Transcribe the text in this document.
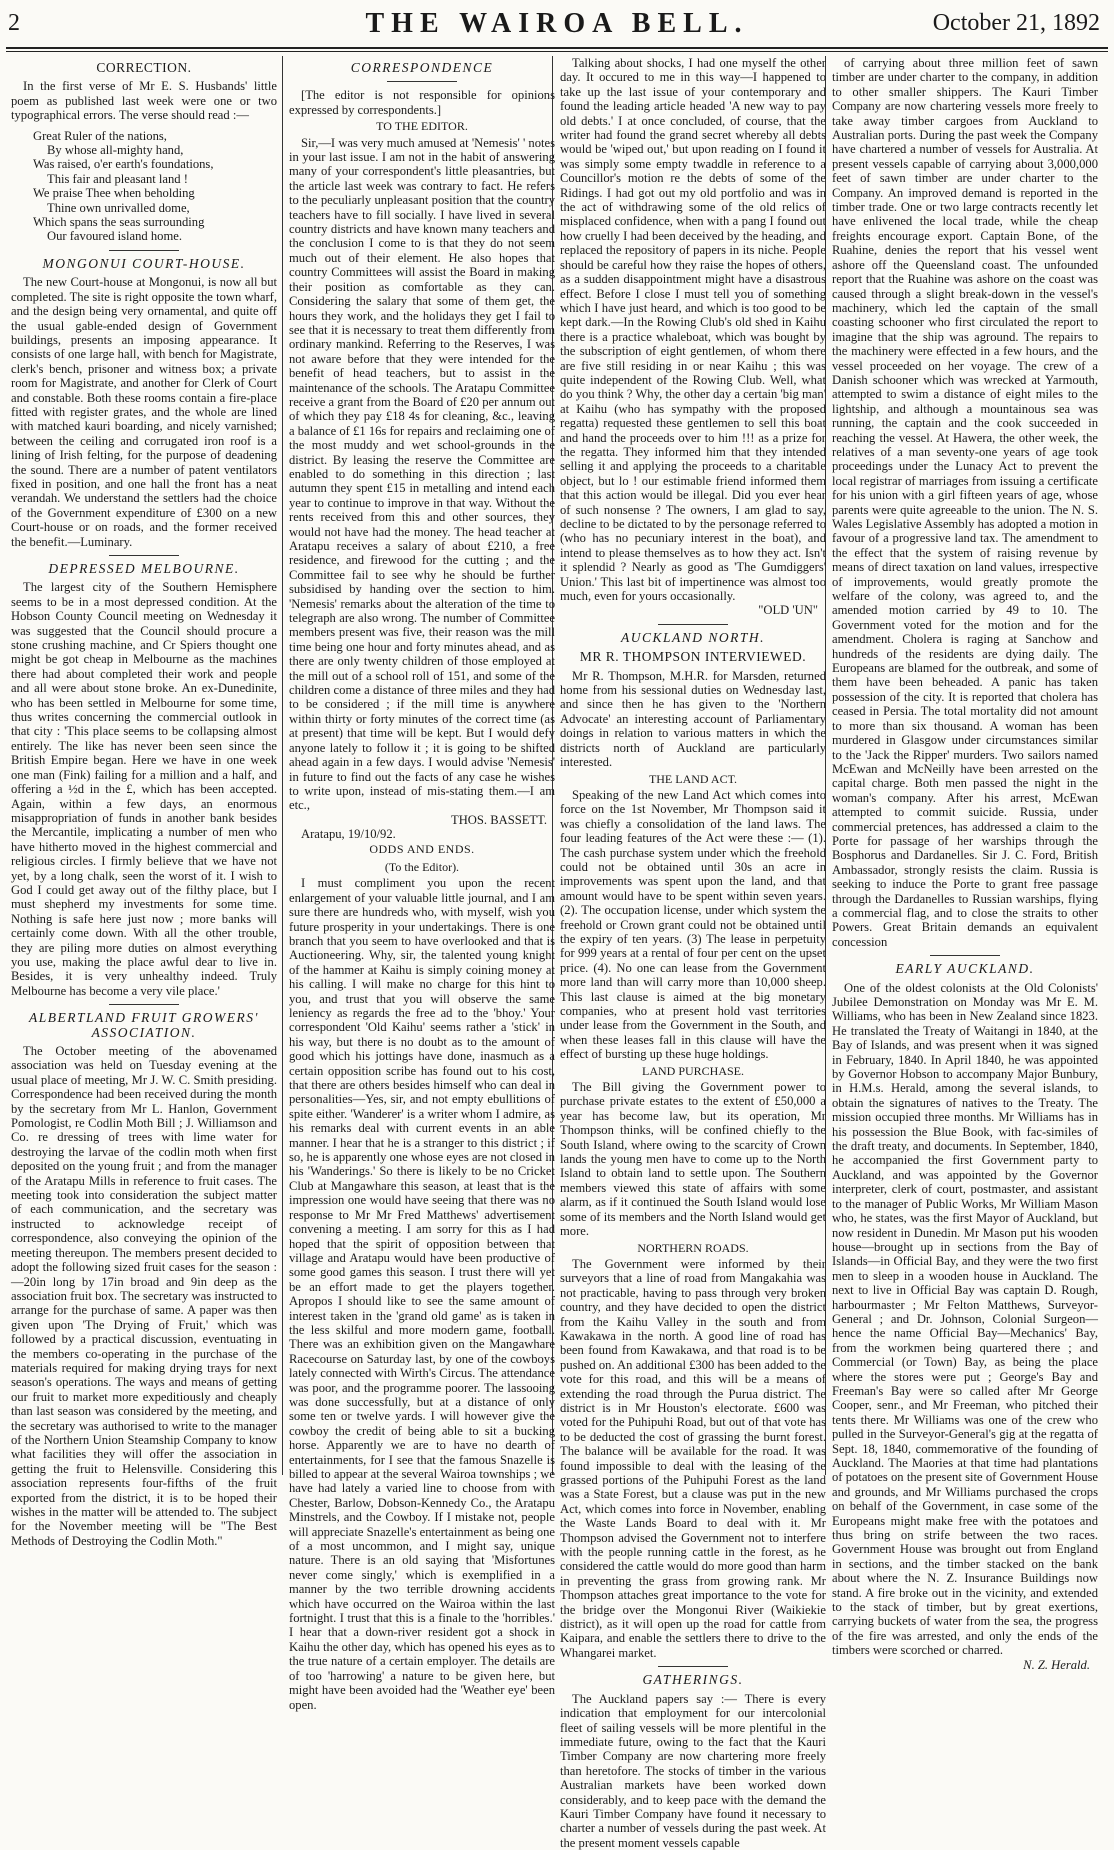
2	THE WAIROA BELL.	October 21, 1892
CORRECTION.

In the first verse of Mr E. S. Husbands' little poem as published last week were one or two typographical errors. The verse should read :—

Great Ruler of the nations,
By whose all-mighty hand,
Was raised, o'er earth's foundations,
This fair and pleasant land !
We praise Thee when beholding
Thine own unrivalled dome,
Which spans the seas surrounding
Our favoured island home.
MONGONUI COURT-HOUSE.

The new Court-house at Mongonui, is now all but completed. The site is right opposite the town wharf, and the design being very ornamental, and quite off the usual gable-ended design of Government buildings, presents an imposing appearance. It consists of one large hall, with bench for Magistrate, clerk's bench, prisoner and witness box; a private room for Magistrate, and another for Clerk of Court and constable. Both these rooms contain a fire-place fitted with register grates, and the whole are lined with matched kauri boarding, and nicely varnished; between the ceiling and corrugated iron roof is a lining of Irish felting, for the purpose of deadening the sound. There are a number of patent ventilators fixed in position, and one hall the front has a neat verandah. We understand the settlers had the choice of the Government expenditure of £300 on a new Court-house or on roads, and the former received the benefit.—Luminary.

DEPRESSED MELBOURNE.

The largest city of the Southern Hemisphere seems to be in a most depressed condition. At the Hobson County Council meeting on Wednesday it was suggested that the Council should procure a stone crushing machine, and Cr Spiers thought one might be got cheap in Melbourne as the machines there had about completed their work and people and all were about stone broke. An ex-Dunedinite, who has been settled in Melbourne for some time, thus writes concerning the commercial outlook in that city : 'This place seems to be collapsing almost entirely. The like has never been seen since the British Empire began. Here we have in one week one man (Fink) failing for a million and a half, and offering a ½d in the £, which has been accepted. Again, within a few days, an enormous misappropriation of funds in another bank besides the Mercantile, implicating a number of men who have hitherto moved in the highest commercial and religious circles. I firmly believe that we have not yet, by a long chalk, seen the worst of it. I wish to God I could get away out of the filthy place, but I must shepherd my investments for some time. Nothing is safe here just now ; more banks will certainly come down. With all the other trouble, they are piling more duties on almost everything you use, making the place awful dear to live in. Besides, it is very unhealthy indeed. Truly Melbourne has become a very vile place.'

ALBERTLAND FRUIT GROWERS' ASSOCIATION.

The October meeting of the abovenamed association was held on Tuesday evening at the usual place of meeting, Mr J. W. C. Smith presiding. Correspondence had been received during the month by the secretary from Mr L. Hanlon, Government Pomologist, re Codlin Moth Bill ; J. Williamson and Co. re dressing of trees with lime water for destroying the larvae of the codlin moth when first deposited on the young fruit ; and from the manager of the Aratapu Mills in reference to fruit cases. The meeting took into consideration the subject matter of each communication, and the secretary was instructed to acknowledge receipt of correspondence, also conveying the opinion of the meeting thereupon. The members present decided to adopt the following sized fruit cases for the season :—20in long by 17in broad and 9in deep as the association fruit box. The secretary was instructed to arrange for the purchase of same. A paper was then given upon 'The Drying of Fruit,' which was followed by a practical discussion, eventuating in the members co-operating in the purchase of the materials required for making drying trays for next season's operations. The ways and means of getting our fruit to market more expeditiously and cheaply than last season was considered by the meeting, and the secretary was authorised to write to the manager of the Northern Union Steamship Company to know what facilities they will offer the association in getting the fruit to Helensville. Considering this association represents four-fifths of the fruit exported from the district, it is to be hoped their wishes in the matter will be attended to. The subject for the November meeting will be "The Best Methods of Destroying the Codlin Moth."

CORRESPONDENCE

[The editor is not responsible for opinions expressed by correspondents.]

TO THE EDITOR.

Sir,—I was very much amused at 'Nemesis' ' notes in your last issue. I am not in the habit of answering many of your correspondent's little pleasantries, but the article last week was contrary to fact. He refers to the peculiarly unpleasant position that the country teachers have to fill socially. I have lived in several country districts and have known many teachers and the conclusion I come to is that they do not seem much out of their element. He also hopes that country Committees will assist the Board in making their position as comfortable as they can. Considering the salary that some of them get, the hours they work, and the holidays they get I fail to see that it is necessary to treat them differently from ordinary mankind. Referring to the Reserves, I was not aware before that they were intended for the benefit of head teachers, but to assist in the maintenance of the schools. The Aratapu Committee receive a grant from the Board of £20 per annum out of which they pay £18 4s for cleaning, &c., leaving a balance of £1 16s for repairs and reclaiming one of the most muddy and wet school-grounds in the district. By leasing the reserve the Committee are enabled to do something in this direction ; last autumn they spent £15 in metalling and intend each year to continue to improve in that way. Without the rents received from this and other sources, they would not have had the money. The head teacher at Aratapu receives a salary of about £210, a free residence, and firewood for the cutting ; and the Committee fail to see why he should be further subsidised by handing over the section to him. 'Nemesis' remarks about the alteration of the time to telegraph are also wrong. The number of Committee members present was five, their reason was the mill time being one hour and forty minutes ahead, and as there are only twenty children of those employed at the mill out of a school roll of 151, and some of the children come a distance of three miles and they had to be considered ; if the mill time is anywhere within thirty or forty minutes of the correct time (as at present) that time will be kept. But I would defy anyone lately to follow it ; it is going to be shifted ahead again in a few days. I would advise 'Nemesis' in future to find out the facts of any case he wishes to write upon, instead of mis-stating them.—I am etc.,

THOS. BASSETT.

Aratapu, 19/10/92.

ODDS AND ENDS.
(To the Editor).

I must compliment you upon the recent enlargement of your valuable little journal, and I am sure there are hundreds who, with myself, wish you future prosperity in your undertakings. There is one branch that you seem to have overlooked and that is Auctioneering. Why, sir, the talented young knight of the hammer at Kaihu is simply coining money at his calling. I will make no charge for this hint to you, and trust that you will observe the same leniency as regards the free ad to the 'bhoy.' Your correspondent 'Old Kaihu' seems rather a 'stick' in his way, but there is no doubt as to the amount of good which his jottings have done, inasmuch as a certain opposition scribe has found out to his cost, that there are others besides himself who can deal in personalities—Yes, sir, and not empty ebullitions of spite either. 'Wanderer' is a writer whom I admire, as his remarks deal with current events in an able manner. I hear that he is a stranger to this district ; if so, he is apparently one whose eyes are not closed in his 'Wanderings.' So there is likely to be no Cricket Club at Mangawhare this season, at least that is the impression one would have seeing that there was no response to Mr Mr Fred Matthews' advertisement convening a meeting. I am sorry for this as I had hoped that the spirit of opposition between that village and Aratapu would have been productive of some good games this season. I trust there will yet be an effort made to get the players together. Apropos I should like to see the same amount of interest taken in the 'grand old game' as is taken in the less skilful and more modern game, football. There was an exhibition given on the Mangawhare Racecourse on Saturday last, by one of the cowboys lately connected with Wirth's Circus. The attendance was poor, and the programme poorer. The lassooing was done successfully, but at a distance of only some ten or twelve yards. I will however give the cowboy the credit of being able to sit a bucking horse. Apparently we are to have no dearth of entertainments, for I see that the famous Snazelle is billed to appear at the several Wairoa townships ; we have had lately a varied line to choose from with Chester, Barlow, Dobson-Kennedy Co., the Aratapu Minstrels, and the Cowboy. If I mistake not, people will appreciate Snazelle's entertainment as being one of a most uncommon, and I might say, unique nature. There is an old saying that 'Misfortunes never come singly,' which is exemplified in a manner by the two terrible drowning accidents which have occurred on the Wairoa within the last fortnight. I trust that this is a finale to the 'horribles.' I hear that a down-river resident got a shock in Kaihu the other day, which has opened his eyes as to the true nature of a certain employer. The details are of too 'harrowing' a nature to be given here, but might have been avoided had the 'Weather eye' been open.

Talking about shocks, I had one myself the other day. It occured to me in this way—I happened to take up the last issue of your contemporary and found the leading article headed 'A new way to pay old debts.' I at once concluded, of course, that the writer had found the grand secret whereby all debts would be 'wiped out,' but upon reading on I found it was simply some empty twaddle in reference to a Councillor's motion re the debts of some of the Ridings. I had got out my old portfolio and was in the act of withdrawing some of the old relics of misplaced confidence, when with a pang I found out how cruelly I had been deceived by the heading, and replaced the repository of papers in its niche. People should be careful how they raise the hopes of others, as a sudden disappointment might have a disastrous effect. Before I close I must tell you of something which I have just heard, and which is too good to be kept dark.—In the Rowing Club's old shed in Kaihu there is a practice whaleboat, which was bought by the subscription of eight gentlemen, of whom there are five still residing in or near Kaihu ; this was quite independent of the Rowing Club. Well, what do you think ? Why, the other day a certain 'big man' at Kaihu (who has sympathy with the proposed regatta) requested these gentlemen to sell this boat and hand the proceeds over to him !!! as a prize for the regatta. They informed him that they intended selling it and applying the proceeds to a charitable object, but lo ! our estimable friend informed them that this action would be illegal. Did you ever hear of such nonsense ? The owners, I am glad to say, decline to be dictated to by the personage referred to (who has no pecuniary interest in the boat), and intend to please themselves as to how they act. Isn't it splendid ? Nearly as good as 'The Gumdiggers' Union.' This last bit of impertinence was almost too much, even for yours occasionally.

"OLD 'UN"
AUCKLAND NORTH.
MR R. THOMPSON INTERVIEWED.

Mr R. Thompson, M.H.R. for Marsden, returned home from his sessional duties on Wednesday last, and since then he has given to the 'Northern Advocate' an interesting account of Parliamentary doings in relation to various matters in which the districts north of Auckland are particularly interested.

THE LAND ACT.

Speaking of the new Land Act which comes into force on the 1st November, Mr Thompson said it was chiefly a consolidation of the land laws. The four leading features of the Act were these :— (1). The cash purchase system under which the freehold could not be obtained until 30s an acre in improvements was spent upon the land, and that amount would have to be spent within seven years. (2). The occupation license, under which system the freehold or Crown grant could not be obtained until the expiry of ten years. (3) The lease in perpetuity for 999 years at a rental of four per cent on the upset price. (4). No one can lease from the Government more land than will carry more than 10,000 sheep. This last clause is aimed at the big monetary companies, who at present hold vast territories under lease from the Government in the South, and when these leases fall in this clause will have the effect of bursting up these huge holdings.

LAND PURCHASE.

The Bill giving the Government power to purchase private estates to the extent of £50,000 a year has become law, but its operation, Mr Thompson thinks, will be confined chiefly to the South Island, where owing to the scarcity of Crown lands the young men have to come up to the North Island to obtain land to settle upon. The Southern members viewed this state of affairs with some alarm, as if it continued the South Island would lose some of its members and the North Island would get more.

NORTHERN ROADS.

The Government were informed by their surveyors that a line of road from Mangakahia was not practicable, having to pass through very broken country, and they have decided to open the district from the Kaihu Valley in the south and from Kawakawa in the north. A good line of road has been found from Kawakawa, and that road is to be pushed on. An additional £300 has been added to the vote for this road, and this will be a means of extending the road through the Purua district. The district is in Mr Houston's electorate. £600 was voted for the Puhipuhi Road, but out of that vote has to be deducted the cost of grassing the burnt forest. The balance will be available for the road. It was found impossible to deal with the leasing of the grassed portions of the Puhipuhi Forest as the land was a State Forest, but a clause was put in the new Act, which comes into force in November, enabling the Waste Lands Board to deal with it. Mr Thompson advised the Government not to interfere with the people running cattle in the forest, as he considered the cattle would do more good than harm in preventing the grass from growing rank. Mr Thompson attaches great importance to the vote for the bridge over the Mongonui River (Waikiekie district), as it will open up the road for cattle from Kaipara, and enable the settlers there to drive to the Whangarei market.

GATHERINGS.

The Auckland papers say :— There is every indication that employment for our intercolonial fleet of sailing vessels will be more plentiful in the immediate future, owing to the fact that the Kauri Timber Company are now chartering more freely than heretofore. The stocks of timber in the various Australian markets have been worked down considerably, and to keep pace with the demand the Kauri Timber Company have found it necessary to charter a number of vessels during the past week. At the present moment vessels capable

of carrying about three million feet of sawn timber are under charter to the company, in addition to other smaller shippers. The Kauri Timber Company are now chartering vessels more freely to take away timber cargoes from Auckland to Australian ports. During the past week the Company have chartered a number of vessels for Australia. At present vessels capable of carrying about 3,000,000 feet of sawn timber are under charter to the Company. An improved demand is reported in the timber trade. One or two large contracts recently let have enlivened the local trade, while the cheap freights encourage export. Captain Bone, of the Ruahine, denies the report that his vessel went ashore off the Queensland coast. The unfounded report that the Ruahine was ashore on the coast was caused through a slight break-down in the vessel's machinery, which led the captain of the small coasting schooner who first circulated the report to imagine that the ship was aground. The repairs to the machinery were effected in a few hours, and the vessel proceeded on her voyage. The crew of a Danish schooner which was wrecked at Yarmouth, attempted to swim a distance of eight miles to the lightship, and although a mountainous sea was running, the captain and the cook succeeded in reaching the vessel. At Hawera, the other week, the relatives of a man seventy-one years of age took proceedings under the Lunacy Act to prevent the local registrar of marriages from issuing a certificate for his union with a girl fifteen years of age, whose parents were quite agreeable to the union. The N. S. Wales Legislative Assembly has adopted a motion in favour of a progressive land tax. The amendment to the effect that the system of raising revenue by means of direct taxation on land values, irrespective of improvements, would greatly promote the welfare of the colony, was agreed to, and the amended motion carried by 49 to 10. The Government voted for the motion and for the amendment. Cholera is raging at Sanchow and hundreds of the residents are dying daily. The Europeans are blamed for the outbreak, and some of them have been beheaded. A panic has taken possession of the city. It is reported that cholera has ceased in Persia. The total mortality did not amount to more than six thousand. A woman has been murdered in Glasgow under circumstances similar to the 'Jack the Ripper' murders. Two sailors named McEwan and McNeilly have been arrested on the capital charge. Both men passed the night in the woman's company. After his arrest, McEwan attempted to commit suicide. Russia, under commercial pretences, has addressed a claim to the Porte for passage of her warships through the Bosphorus and Dardanelles. Sir J. C. Ford, British Ambassador, strongly resists the claim. Russia is seeking to induce the Porte to grant free passage through the Dardanelles to Russian warships, flying a commercial flag, and to close the straits to other Powers. Great Britain demands an equivalent concession

EARLY AUCKLAND.

One of the oldest colonists at the Old Colonists' Jubilee Demonstration on Monday was Mr E. M. Williams, who has been in New Zealand since 1823. He translated the Treaty of Waitangi in 1840, at the Bay of Islands, and was present when it was signed in February, 1840. In April 1840, he was appointed by Governor Hobson to accompany Major Bunbury, in H.M.s. Herald, among the several islands, to obtain the signatures of natives to the Treaty. The mission occupied three months. Mr Williams has in his possession the Blue Book, with fac-similes of the draft treaty, and documents. In September, 1840, he accompanied the first Government party to Auckland, and was appointed by the Governor interpreter, clerk of court, postmaster, and assistant to the manager of Public Works, Mr William Mason who, he states, was the first Mayor of Auckland, but now resident in Dunedin. Mr Mason put his wooden house—brought up in sections from the Bay of Islands—in Official Bay, and they were the two first men to sleep in a wooden house in Auckland. The next to live in Official Bay was captain D. Rough, harbourmaster ; Mr Felton Matthews, Surveyor-General ; and Dr. Johnson, Colonial Surgeon—hence the name Official Bay—Mechanics' Bay, from the workmen being quartered there ; and Commercial (or Town) Bay, as being the place where the stores were put ; George's Bay and Freeman's Bay were so called after Mr George Cooper, senr., and Mr Freeman, who pitched their tents there. Mr Williams was one of the crew who pulled in the Surveyor-General's gig at the regatta of Sept. 18, 1840, commemorative of the founding of Auckland. The Maories at that time had plantations of potatoes on the present site of Government House and grounds, and Mr Williams purchased the crops on behalf of the Government, in case some of the Europeans might make free with the potatoes and thus bring on strife between the two races. Government House was brought out from England in sections, and the timber stacked on the bank about where the N. Z. Insurance Buildings now stand. A fire broke out in the vicinity, and extended to the stack of timber, but by great exertions, carrying buckets of water from the sea, the progress of the fire was arrested, and only the ends of the timbers were scorched or charred.

N. Z. Herald.
